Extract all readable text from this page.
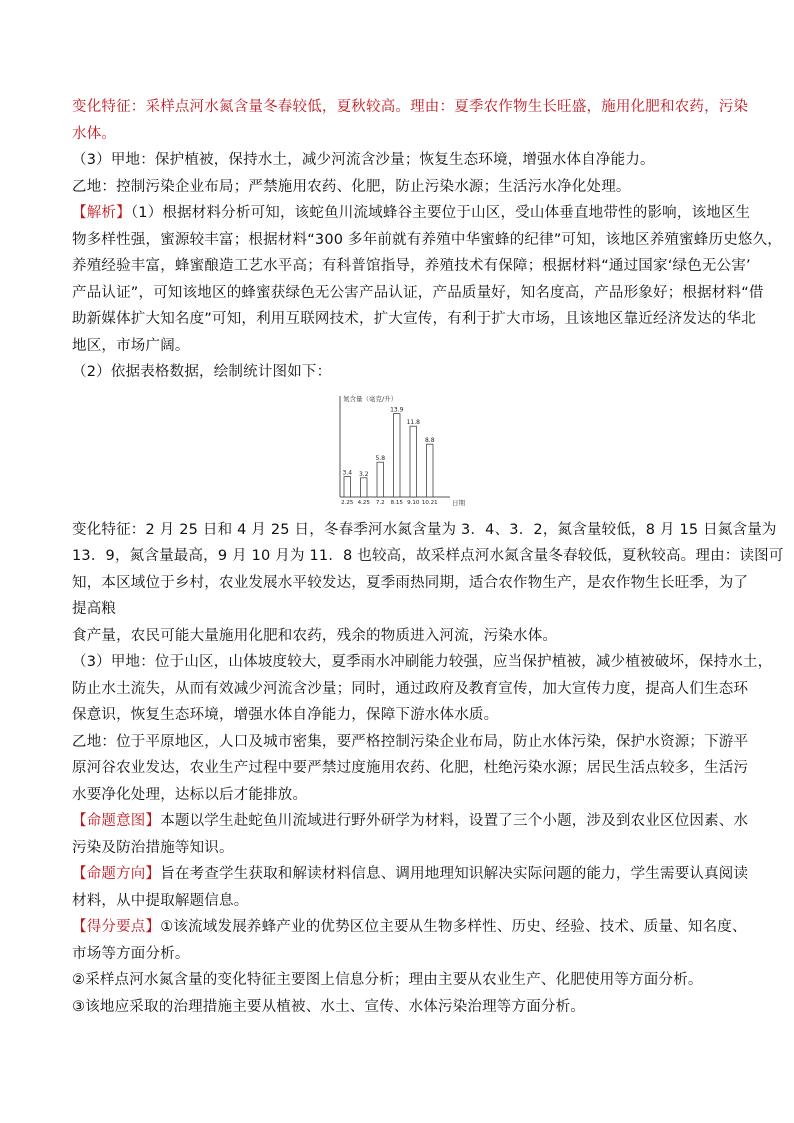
变化特征：采样点河水氮含量冬春较低，夏秋较高。理由：夏季农作物生长旺盛，施用化肥和农药，污染
水体。
（3）甲地：保护植被，保持水土，减少河流含沙量；恢复生态环境，增强水体自净能力。
乙地：控制污染企业布局；严禁施用农药、化肥，防止污染水源；生活污水净化处理。
【解析】（1）根据材料分析可知，该蛇鱼川流域蜂谷主要位于山区，受山体垂直地带性的影响，该地区生
物多样性强，蜜源较丰富；根据材料“300 多年前就有养殖中华蜜蜂的纪律”可知，该地区养殖蜜蜂历史悠久，
养殖经验丰富，蜂蜜酿造工艺水平高；有科普馆指导，养殖技术有保障；根据材料“通过国家‘绿色无公害’
产品认证”，可知该地区的蜂蜜获绿色无公害产品认证，产品质量好，知名度高，产品形象好；根据材料“借
助新媒体扩大知名度”可知，利用互联网技术，扩大宣传，有利于扩大市场，且该地区靠近经济发达的华北
地区，市场广阔。
（2）依据表格数据，绘制统计图如下：
氮含量（毫克/升）
日期
3.4
2.25
3.2
4.25
5.8
7.2
13.9
8.15
11.8
9.10
8.8
10.21
变化特征：2 月 25 日和 4 月 25 日，冬春季河水氮含量为 3．4、3．2，氮含量较低，8 月 15 日氮含量为
13．9，氮含量最高，9 月 10 月为 11．8 也较高，故采样点河水氮含量冬春较低，夏秋较高。理由：读图可
知，本区域位于乡村，农业发展水平较发达，夏季雨热同期，适合农作物生产，是农作物生长旺季，为了
提高粮
食产量，农民可能大量施用化肥和农药，残余的物质进入河流，污染水体。
（3）甲地：位于山区，山体坡度较大，夏季雨水冲刷能力较强，应当保护植被，减少植被破坏，保持水土，
防止水土流失，从而有效减少河流含沙量；同时，通过政府及教育宣传，加大宣传力度，提高人们生态环
保意识，恢复生态环境，增强水体自净能力，保障下游水体水质。
乙地：位于平原地区，人口及城市密集，要严格控制污染企业布局，防止水体污染，保护水资源；下游平
原河谷农业发达，农业生产过程中要严禁过度施用农药、化肥，杜绝污染水源；居民生活点较多，生活污
水要净化处理，达标以后才能排放。
【命题意图】本题以学生赴蛇鱼川流域进行野外研学为材料，设置了三个小题，涉及到农业区位因素、水
污染及防治措施等知识。
【命题方向】旨在考查学生获取和解读材料信息、调用地理知识解决实际问题的能力，学生需要认真阅读
材料，从中提取解题信息。
【得分要点】①该流域发展养蜂产业的优势区位主要从生物多样性、历史、经验、技术、质量、知名度、
市场等方面分析。
②采样点河水氮含量的变化特征主要图上信息分析；理由主要从农业生产、化肥使用等方面分析。
③该地应采取的治理措施主要从植被、水土、宣传、水体污染治理等方面分析。
